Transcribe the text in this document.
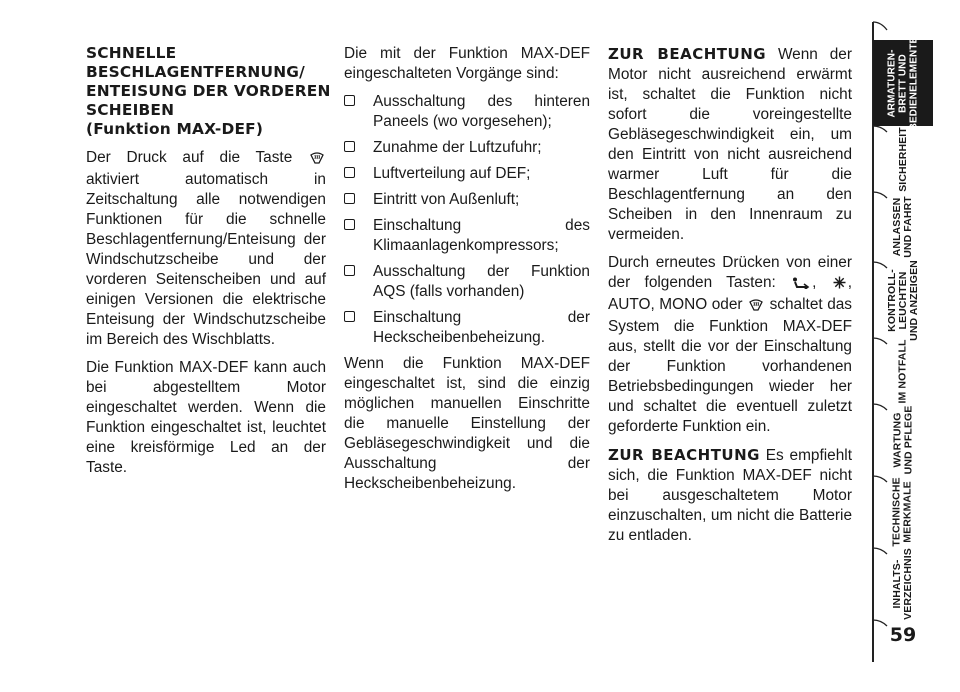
SCHNELLE
BESCHLAGENTFERNUNG/
ENTEISUNG DER VORDEREN
SCHEIBEN
(Funktion MAX-DEF)

Der Druck auf die Taste  aktiviert automatisch in Zeitschaltung alle notwendigen Funktionen für die schnelle Beschlagentfernung/Enteisung der Windschutzscheibe und der vorderen Seitenscheiben und auf einigen Versionen die elektrische Enteisung der Windschutzscheibe im Bereich des Wischblatts.

Die Funktion MAX-DEF kann auch bei abgestelltem Motor eingeschaltet werden. Wenn die Funktion eingeschaltet ist, leuchtet eine kreisförmige Led an der Taste.

Die mit der Funktion MAX-DEF eingeschalteten Vorgänge sind:

Ausschaltung des hinteren Paneels (wo vorgesehen);
Zunahme der Luftzufuhr;
Luftverteilung auf DEF;
Eintritt von Außenluft;
Einschaltung des Klimaanlagenkompressors;
Ausschaltung der Funktion AQS (falls vorhanden)
Einschaltung der Heckscheibenbeheizung.

Wenn die Funktion MAX-DEF eingeschaltet ist, sind die einzig möglichen manuellen Einschritte die manuelle Einstellung der Gebläsegeschwindigkeit und die Ausschaltung der Heckscheibenbeheizung.

ZUR BEACHTUNG Wenn der Motor nicht ausreichend erwärmt ist, schaltet die Funktion nicht sofort die voreingestellte Gebläsegeschwindigkeit ein, um den Eintritt von nicht ausreichend warmer Luft für die Beschlagentfernung an den Scheiben in den Innenraum zu vermeiden.

Durch erneutes Drücken von einer der folgenden Tasten: , , AUTO, MONO oder schaltet das System die Funktion MAX-DEF aus, stellt die vor der Einschaltung der Funktion vorhandenen Betriebsbedingungen wieder her und schaltet die eventuell zuletzt geforderte Funktion ein.

ZUR BEACHTUNG Es empfiehlt sich, die Funktion MAX-DEF nicht bei ausgeschaltetem Motor einzuschalten, um nicht die Batterie zu entladen.

ARMATUREN- BRETT UND BEDIENELEMENTE
SICHERHEIT
ANLASSEN UND FAHRT
KONTROLL- LEUCHTEN UND ANZEIGEN
IM NOTFALL
WARTUNG UND PFLEGE
TECHNISCHE MERKMALE
INHALTS- VERZEICHNIS
59
